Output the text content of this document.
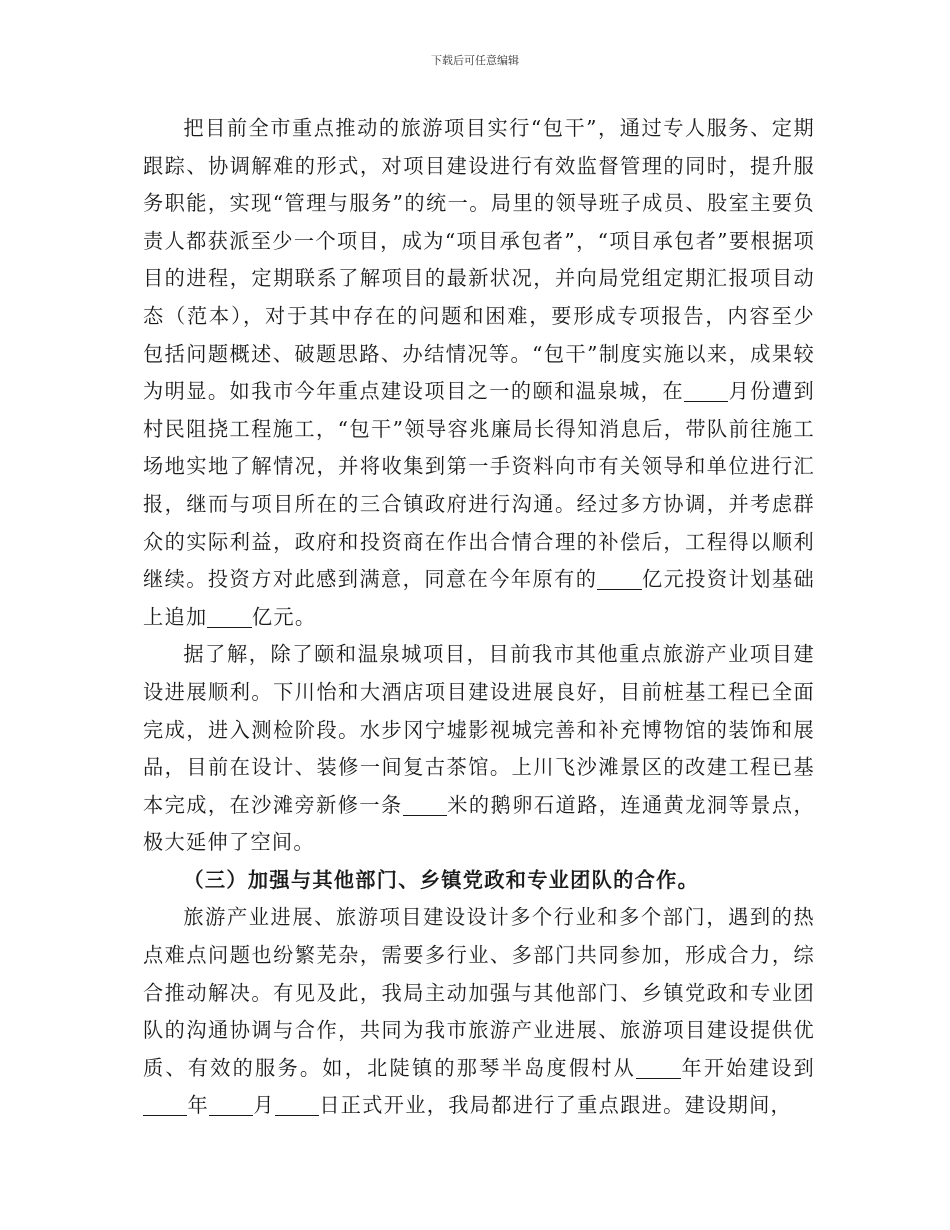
下载后可任意编辑

把目前全市重点推动的旅游项目实行“包干”，通过专人服务、定期跟踪、协调解难的形式，对项目建设进行有效监督管理的同时，提升服务职能，实现“管理与服务”的统一。局里的领导班子成员、股室主要负责人都获派至少一个项目，成为“项目承包者”，“项目承包者”要根据项目的进程，定期联系了解项目的最新状况，并向局党组定期汇报项目动态（范本），对于其中存在的问题和困难，要形成专项报告，内容至少包括问题概述、破题思路、办结情况等。“包干”制度实施以来，成果较为明显。如我市今年重点建设项目之一的颐和温泉城，在 月份遭到村民阻挠工程施工，“包干”领导容兆廉局长得知消息后，带队前往施工场地实地了解情况，并将收集到第一手资料向市有关领导和单位进行汇报，继而与项目所在的三合镇政府进行沟通。经过多方协调，并考虑群众的实际利益，政府和投资商在作出合情合理的补偿后，工程得以顺利继续。投资方对此感到满意，同意在今年原有的 亿元投资计划基础上追加 亿元。

据了解，除了颐和温泉城项目，目前我市其他重点旅游产业项目建设进展顺利。下川怡和大酒店项目建设进展良好，目前桩基工程已全面完成，进入测检阶段。水步冈宁墟影视城完善和补充博物馆的装饰和展品，目前在设计、装修一间复古茶馆。上川飞沙滩景区的改建工程已基本完成，在沙滩旁新修一条 米的鹅卵石道路，连通黄龙洞等景点，极大延伸了空间。

（三）加强与其他部门、乡镇党政和专业团队的合作。

旅游产业进展、旅游项目建设设计多个行业和多个部门，遇到的热点难点问题也纷繁芜杂，需要多行业、多部门共同参加，形成合力，综合推动解决。有见及此，我局主动加强与其他部门、乡镇党政和专业团队的沟通协调与合作，共同为我市旅游产业进展、旅游项目建设提供优质、有效的服务。如，北陡镇的那琴半岛度假村从 年开始建设到年 月 日正式开业，我局都进行了重点跟进。建设期间，
